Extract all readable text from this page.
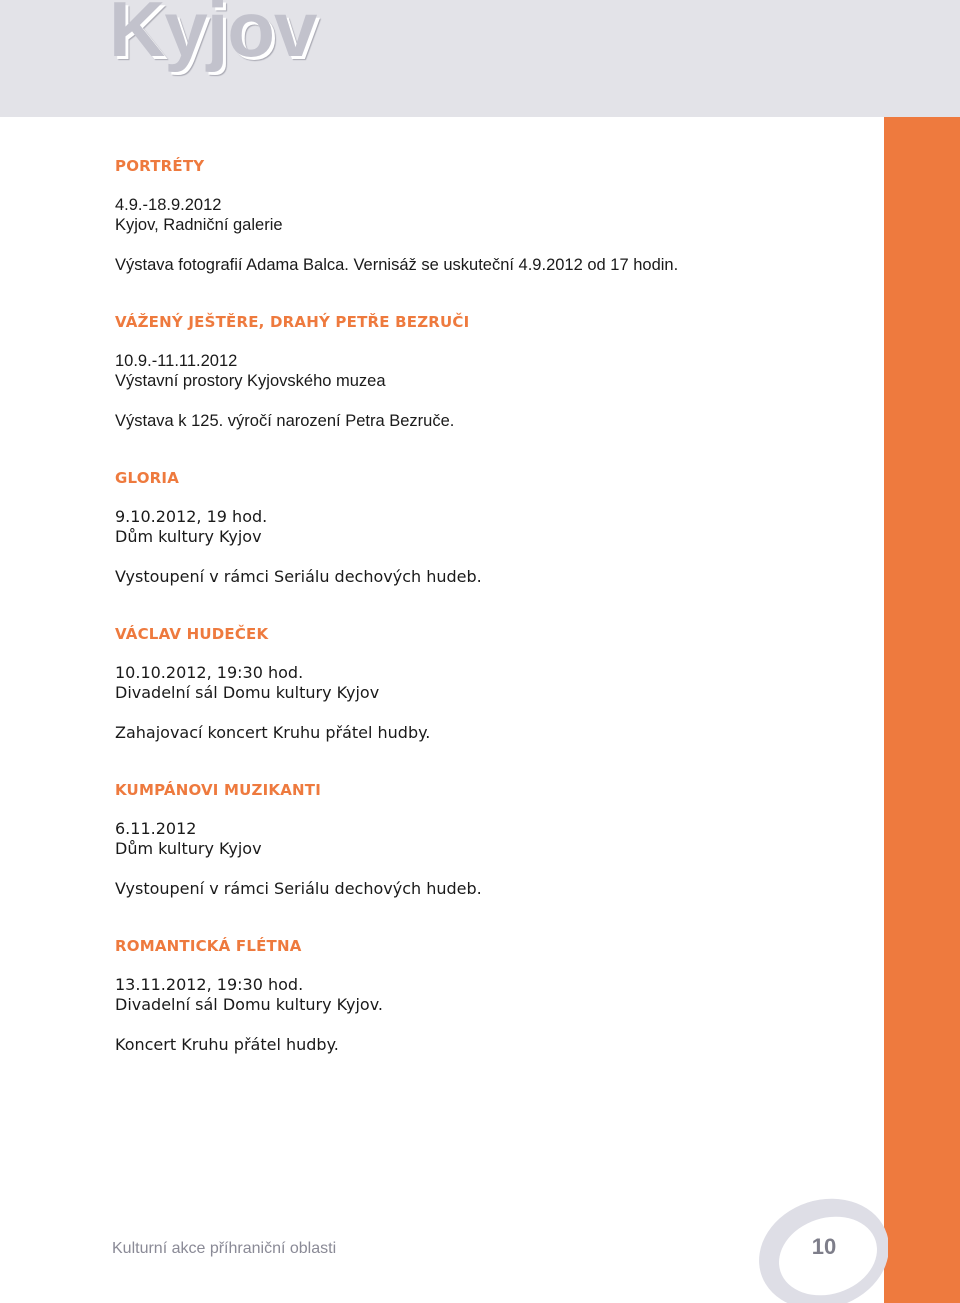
Kyjov
PORTRÉTY
4.9.-18.9.2012
Kyjov, Radniční galerie
Výstava fotografií Adama Balca. Vernisáž se uskuteční 4.9.2012 od 17 hodin.
VÁŽENÝ JEŠTĚRE, DRAHÝ PETŘE BEZRUČI
10.9.-11.11.2012
Výstavní prostory Kyjovského muzea
Výstava k 125. výročí narození Petra Bezruče.
GLORIA
9.10.2012, 19 hod.
Dům kultury Kyjov
Vystoupení v rámci Seriálu dechových hudeb.
VÁCLAV HUDEČEK
10.10.2012, 19:30 hod.
Divadelní sál Domu kultury Kyjov
Zahajovací koncert Kruhu přátel hudby.
KUMPÁNOVI MUZIKANTI
6.11.2012
Dům kultury Kyjov
Vystoupení v rámci Seriálu dechových hudeb.
ROMANTICKÁ FLÉTNA
13.11.2012, 19:30 hod.
Divadelní sál Domu kultury Kyjov.
Koncert Kruhu přátel hudby.
Kulturní akce příhraniční oblasti	10
